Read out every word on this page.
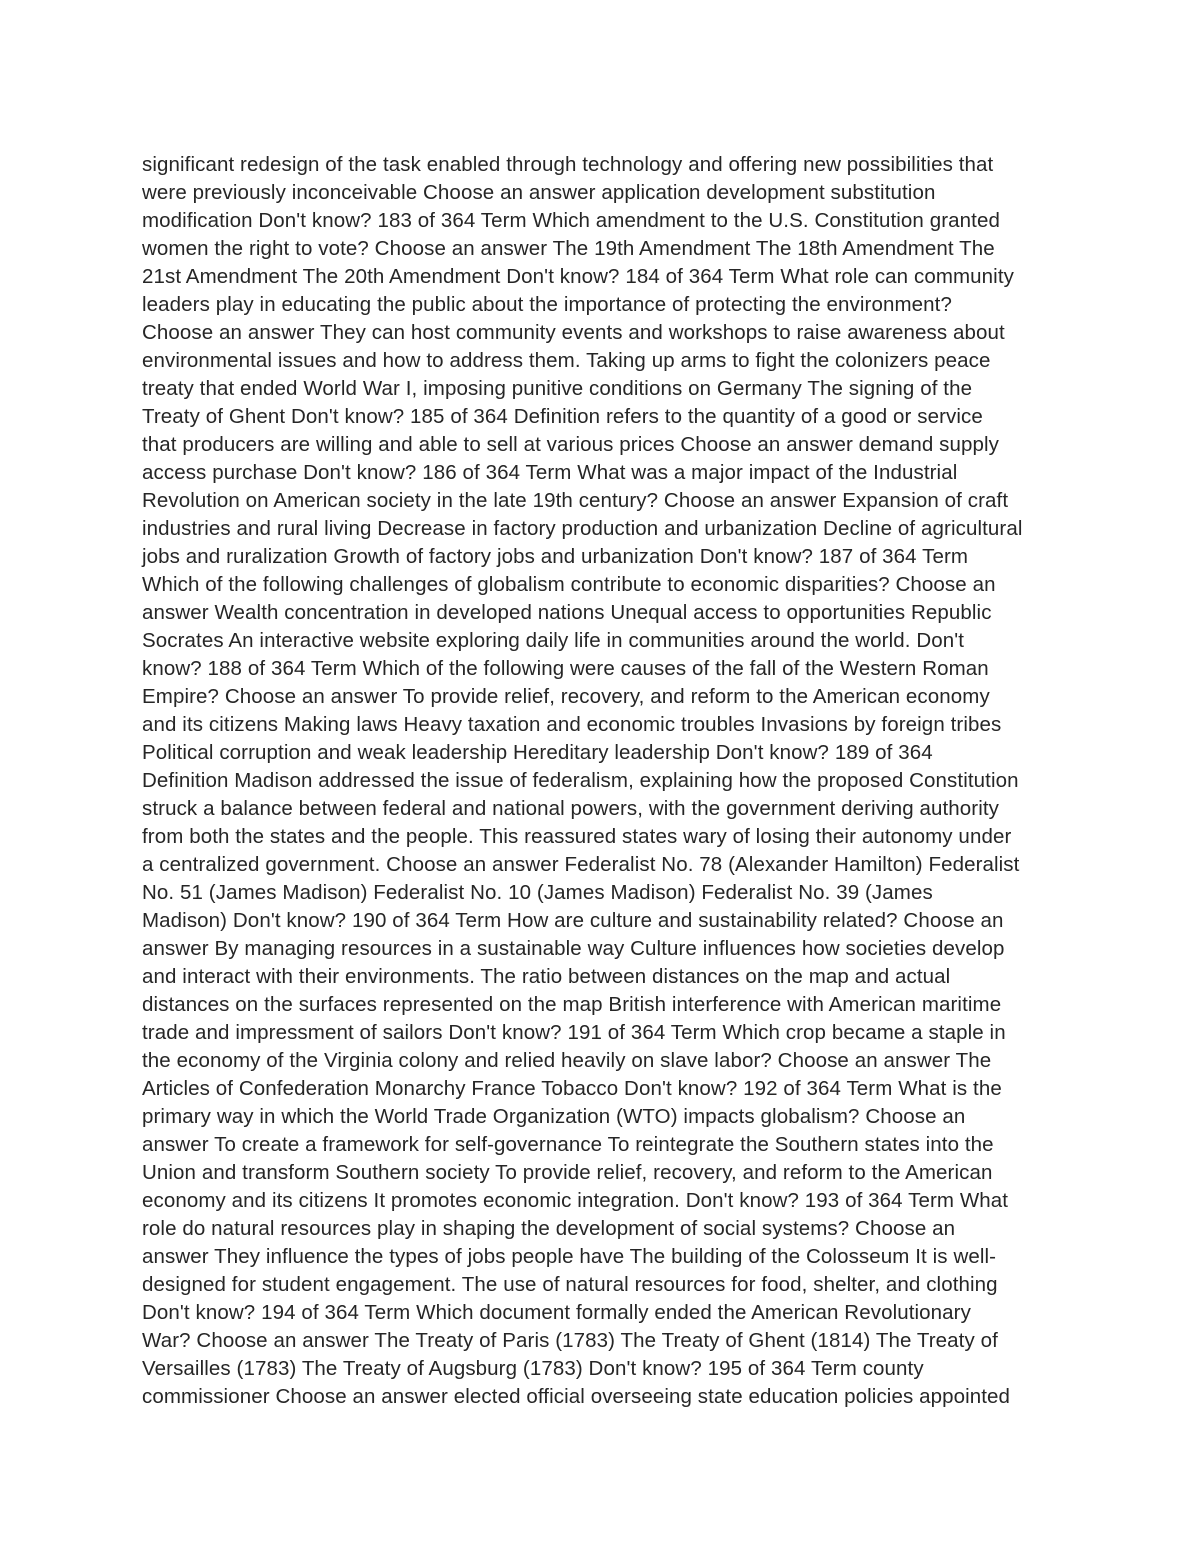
significant redesign of the task enabled through technology and offering new possibilities that
were previously inconceivable Choose an answer application development substitution
modification Don't know? 183 of 364 Term Which amendment to the U.S. Constitution granted
women the right to vote? Choose an answer The 19th Amendment The 18th Amendment The
21st Amendment The 20th Amendment Don't know? 184 of 364 Term What role can community
leaders play in educating the public about the importance of protecting the environment?
Choose an answer They can host community events and workshops to raise awareness about
environmental issues and how to address them. Taking up arms to fight the colonizers peace
treaty that ended World War I, imposing punitive conditions on Germany The signing of the
Treaty of Ghent Don't know? 185 of 364 Definition refers to the quantity of a good or service
that producers are willing and able to sell at various prices Choose an answer demand supply
access purchase Don't know? 186 of 364 Term What was a major impact of the Industrial
Revolution on American society in the late 19th century? Choose an answer Expansion of craft
industries and rural living Decrease in factory production and urbanization Decline of agricultural
jobs and ruralization Growth of factory jobs and urbanization Don't know? 187 of 364 Term
Which of the following challenges of globalism contribute to economic disparities? Choose an
answer Wealth concentration in developed nations Unequal access to opportunities Republic
Socrates An interactive website exploring daily life in communities around the world. Don't
know? 188 of 364 Term Which of the following were causes of the fall of the Western Roman
Empire? Choose an answer To provide relief, recovery, and reform to the American economy
and its citizens Making laws Heavy taxation and economic troubles Invasions by foreign tribes
Political corruption and weak leadership Hereditary leadership Don't know? 189 of 364
Definition Madison addressed the issue of federalism, explaining how the proposed Constitution
struck a balance between federal and national powers, with the government deriving authority
from both the states and the people. This reassured states wary of losing their autonomy under
a centralized government. Choose an answer Federalist No. 78 (Alexander Hamilton) Federalist
No. 51 (James Madison) Federalist No. 10 (James Madison) Federalist No. 39 (James
Madison) Don't know? 190 of 364 Term How are culture and sustainability related? Choose an
answer By managing resources in a sustainable way Culture influences how societies develop
and interact with their environments. The ratio between distances on the map and actual
distances on the surfaces represented on the map British interference with American maritime
trade and impressment of sailors Don't know? 191 of 364 Term Which crop became a staple in
the economy of the Virginia colony and relied heavily on slave labor? Choose an answer The
Articles of Confederation Monarchy France Tobacco Don't know? 192 of 364 Term What is the
primary way in which the World Trade Organization (WTO) impacts globalism? Choose an
answer To create a framework for self-governance To reintegrate the Southern states into the
Union and transform Southern society To provide relief, recovery, and reform to the American
economy and its citizens It promotes economic integration. Don't know? 193 of 364 Term What
role do natural resources play in shaping the development of social systems? Choose an
answer They influence the types of jobs people have The building of the Colosseum It is well-
designed for student engagement. The use of natural resources for food, shelter, and clothing
Don't know? 194 of 364 Term Which document formally ended the American Revolutionary
War? Choose an answer The Treaty of Paris (1783) The Treaty of Ghent (1814) The Treaty of
Versailles (1783) The Treaty of Augsburg (1783) Don't know? 195 of 364 Term county
commissioner Choose an answer elected official overseeing state education policies appointed
